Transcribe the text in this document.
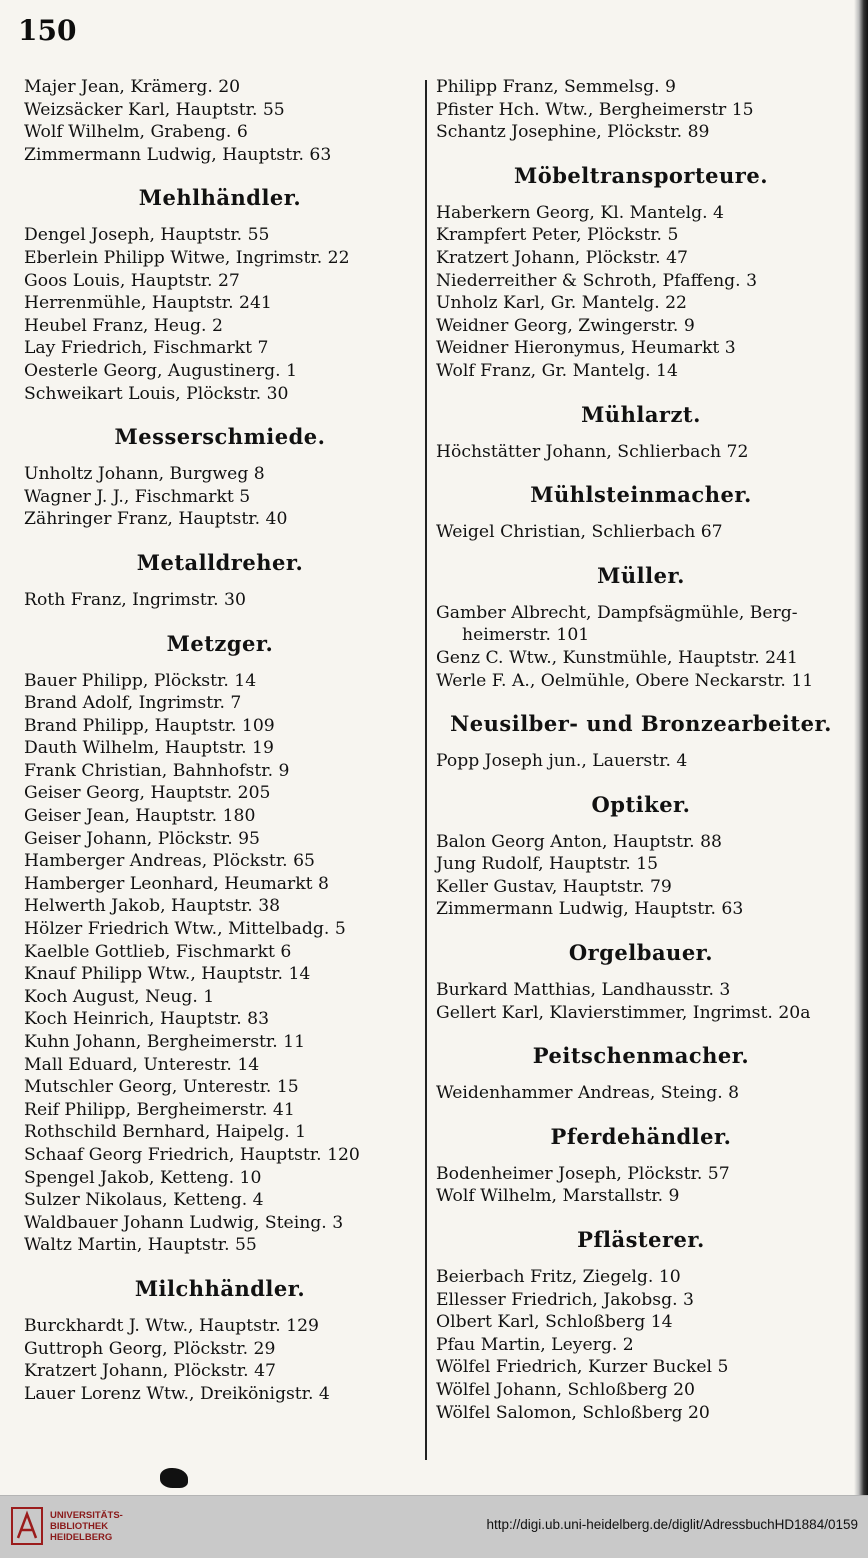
150
Majer Jean, Krämerg. 20
Weizsäcker Karl, Hauptstr. 55
Wolf Wilhelm, Grabeng. 6
Zimmermann Ludwig, Hauptstr. 63
Mehlhändler.
Dengel Joseph, Hauptstr. 55
Eberlein Philipp Witwe, Ingrimstr. 22
Goos Louis, Hauptstr. 27
Herrenmühle, Hauptstr. 241
Heubel Franz, Heug. 2
Lay Friedrich, Fischmarkt 7
Oesterle Georg, Augustinerg. 1
Schweikart Louis, Plöckstr. 30
Messerschmiede.
Unholtz Johann, Burgweg 8
Wagner J. J., Fischmarkt 5
Zähringer Franz, Hauptstr. 40
Metalldreher.
Roth Franz, Ingrimstr. 30
Metzger.
Bauer Philipp, Plöckstr. 14
Brand Adolf, Ingrimstr. 7
Brand Philipp, Hauptstr. 109
Dauth Wilhelm, Hauptstr. 19
Frank Christian, Bahnhofstr. 9
Geiser Georg, Hauptstr. 205
Geiser Jean, Hauptstr. 180
Geiser Johann, Plöckstr. 95
Hamberger Andreas, Plöckstr. 65
Hamberger Leonhard, Heumarkt 8
Helwerth Jakob, Hauptstr. 38
Hölzer Friedrich Wtw., Mittelbadg. 5
Kaelble Gottlieb, Fischmarkt 6
Knauf Philipp Wtw., Hauptstr. 14
Koch August, Neug. 1
Koch Heinrich, Hauptstr. 83
Kuhn Johann, Bergheimerstr. 11
Mall Eduard, Unterestr. 14
Mutschler Georg, Unterestr. 15
Reif Philipp, Bergheimerstr. 41
Rothschild Bernhard, Haipelg. 1
Schaaf Georg Friedrich, Hauptstr. 120
Spengel Jakob, Ketteng. 10
Sulzer Nikolaus, Ketteng. 4
Waldbauer Johann Ludwig, Steing. 3
Waltz Martin, Hauptstr. 55
Milchhändler.
Burckhardt J. Wtw., Hauptstr. 129
Guttroph Georg, Plöckstr. 29
Kratzert Johann, Plöckstr. 47
Lauer Lorenz Wtw., Dreikönigstr. 4
Philipp Franz, Semmelsg. 9
Pfister Hch. Wtw., Bergheimerstr 15
Schantz Josephine, Plöckstr. 89
Möbeltransporteure.
Haberkern Georg, Kl. Mantelg. 4
Krampfert Peter, Plöckstr. 5
Kratzert Johann, Plöckstr. 47
Niederreither & Schroth, Pfaffeng. 3
Unholz Karl, Gr. Mantelg. 22
Weidner Georg, Zwingerstr. 9
Weidner Hieronymus, Heumarkt 3
Wolf Franz, Gr. Mantelg. 14
Mühlarzt.
Höchstätter Johann, Schlierbach 72
Mühlsteinmacher.
Weigel Christian, Schlierbach 67
Müller.
Gamber Albrecht, Dampfsägmühle, Berg-
heimerstr. 101
Genz C. Wtw., Kunstmühle, Hauptstr. 241
Werle F. A., Oelmühle, Obere Neckarstr. 11
Neusilber- und Bronzearbeiter.
Popp Joseph jun., Lauerstr. 4
Optiker.
Balon Georg Anton, Hauptstr. 88
Jung Rudolf, Hauptstr. 15
Keller Gustav, Hauptstr. 79
Zimmermann Ludwig, Hauptstr. 63
Orgelbauer.
Burkard Matthias, Landhausstr. 3
Gellert Karl, Klavierstimmer, Ingrimst. 20a
Peitschenmacher.
Weidenhammer Andreas, Steing. 8
Pferdehändler.
Bodenheimer Joseph, Plöckstr. 57
Wolf Wilhelm, Marstallstr. 9
Pflästerer.
Beierbach Fritz, Ziegelg. 10
Ellesser Friedrich, Jakobsg. 3
Olbert Karl, Schloßberg 14
Pfau Martin, Leyerg. 2
Wölfel Friedrich, Kurzer Buckel 5
Wölfel Johann, Schloßberg 20
Wölfel Salomon, Schloßberg 20
UNIVERSITÄTS-
BIBLIOTHEK
HEIDELBERG
http://digi.ub.uni-heidelberg.de/diglit/AdressbuchHD1884/0159
